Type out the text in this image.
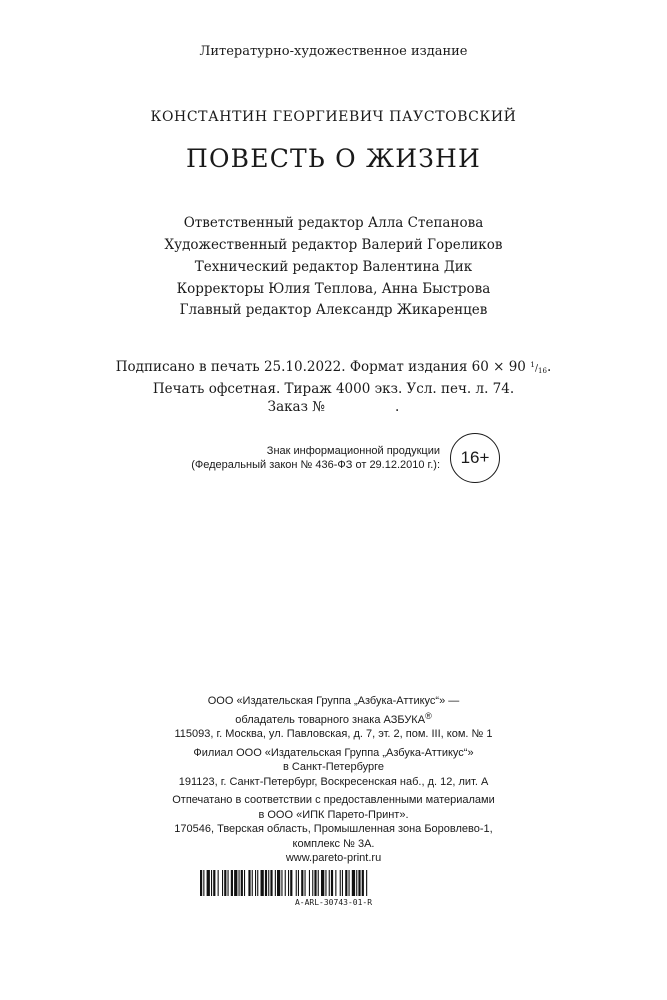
Литературно-художественное издание
КОНСТАНТИН ГЕОРГИЕВИЧ ПАУСТОВСКИЙ
ПОВЕСТЬ О ЖИЗНИ
Ответственный редактор Алла Степанова
Художественный редактор Валерий Гореликов
Технический редактор Валентина Дик
Корректоры Юлия Теплова, Анна Быстрова
Главный редактор Александр Жикаренцев
Подписано в печать 25.10.2022. Формат издания 60 × 90 $^1/_{16}$.
Печать офсетная. Тираж 4000 экз. Усл. печ. л. 74.
Заказ №	.
Знак информационной продукции
(Федеральный закон № 436-ФЗ от 29.12.2010 г.):	16+
ООО «Издательская Группа „Азбука-Аттикус“» —
обладатель товарного знака АЗБУКА®
115093, г. Москва, ул. Павловская, д. 7, эт. 2, пом. III, ком. № 1
Филиал ООО «Издательская Группа „Азбука-Аттикус“»
в Санкт-Петербурге
191123, г. Санкт-Петербург, Воскресенская наб., д. 12, лит. А
Отпечатано в соответствии с предоставленными материалами
в ООО «ИПК Парето-Принт».
170546, Тверская область, Промышленная зона Боровлево-1,
комплекс № 3А.
www.pareto-print.ru
A-ARL-30743-01-R
